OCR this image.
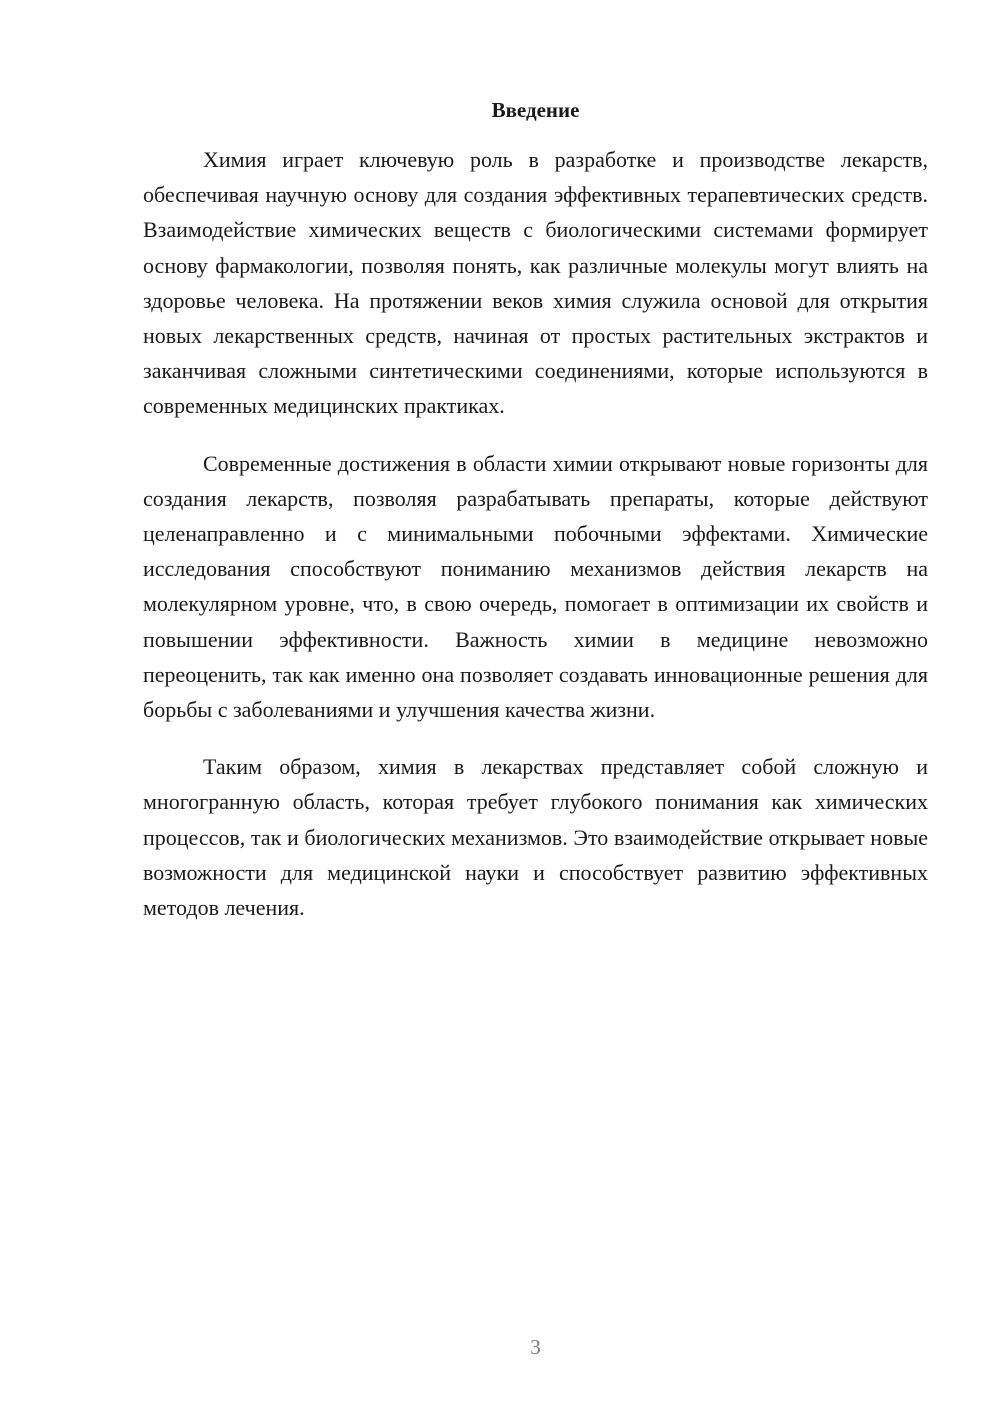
Введение

Химия играет ключевую роль в разработке и производстве лекарств, обеспечивая научную основу для создания эффективных терапевтических средств. Взаимодействие химических веществ с биологическими системами формирует основу фармакологии, позволяя понять, как различные молекулы могут влиять на здоровье человека. На протяжении веков химия служила основой для открытия новых лекарственных средств, начиная от простых растительных экстрактов и заканчивая сложными синтетическими соединениями, которые используются в современных медицинских практиках.

Современные достижения в области химии открывают новые горизонты для создания лекарств, позволяя разрабатывать препараты, которые действуют целенаправленно и с минимальными побочными эффектами. Химические исследования способствуют пониманию механизмов действия лекарств на молекулярном уровне, что, в свою очередь, помогает в оптимизации их свойств и повышении эффективности. Важность химии в медицине невозможно переоценить, так как именно она позволяет создавать инновационные решения для борьбы с заболеваниями и улучшения качества жизни.

Таким образом, химия в лекарствах представляет собой сложную и многогранную область, которая требует глубокого понимания как химических процессов, так и биологических механизмов. Это взаимодействие открывает новые возможности для медицинской науки и способствует развитию эффективных методов лечения.

3
